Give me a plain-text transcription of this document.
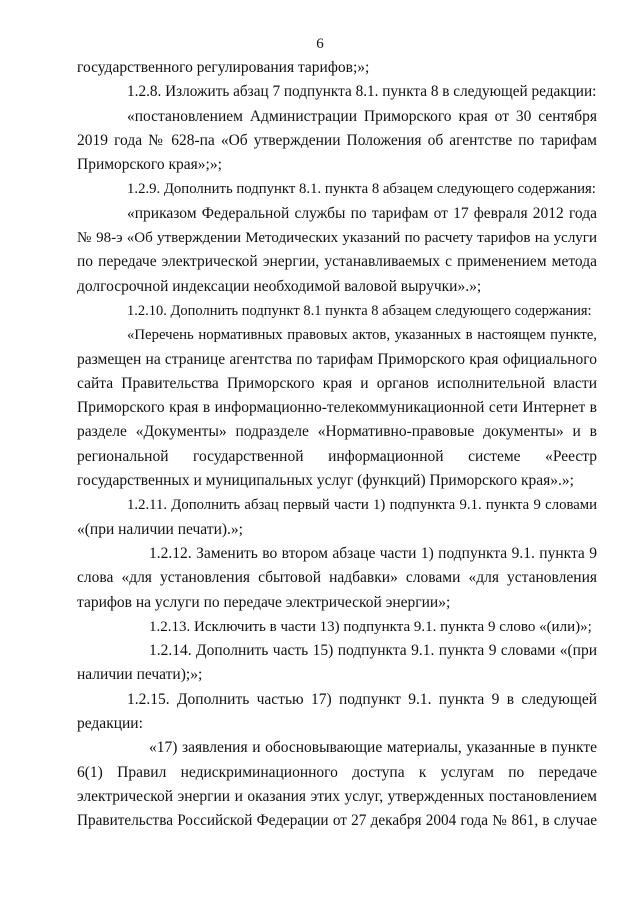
6
государственного регулирования тарифов;»;
1.2.8. Изложить абзац 7 подпункта 8.1. пункта 8 в следующей редакции:
«постановлением Администрации Приморского края от 30 сентября
2019 года № 628-па «Об утверждении Положения об агентстве по тарифам
Приморского края»;»;
1.2.9. Дополнить подпункт 8.1. пункта 8 абзацем следующего содержания:
«приказом Федеральной службы по тарифам от 17 февраля 2012 года
№ 98-э «Об утверждении Методических указаний по расчету тарифов на услуги
по передаче электрической энергии, устанавливаемых с применением метода
долгосрочной индексации необходимой валовой выручки».»;
1.2.10. Дополнить подпункт 8.1 пункта 8 абзацем следующего содержания:
«Перечень нормативных правовых актов, указанных в настоящем пункте,
размещен на странице агентства по тарифам Приморского края официального
сайта Правительства Приморского края и органов исполнительной власти
Приморского края в информационно-телекоммуникационной сети Интернет в
разделе «Документы» подразделе «Нормативно-правовые документы» и в
региональной государственной информационной системе «Реестр
государственных и муниципальных услуг (функций) Приморского края».»;
1.2.11. Дополнить абзац первый части 1) подпункта 9.1. пункта 9 словами
«(при наличии печати).»;
1.2.12. Заменить во втором абзаце части 1) подпункта 9.1. пункта 9
слова «для установления сбытовой надбавки» словами «для установления
тарифов на услуги по передаче электрической энергии»;
1.2.13. Исключить в части 13) подпункта 9.1. пункта 9 слово «(или)»;
1.2.14. Дополнить часть 15) подпункта 9.1. пункта 9 словами «(при
наличии печати);»;
1.2.15. Дополнить частью 17) подпункт 9.1. пункта 9 в следующей
редакции:
«17) заявления и обосновывающие материалы, указанные в пункте
6(1) Правил недискриминационного доступа к услугам по передаче
электрической энергии и оказания этих услуг, утвержденных постановлением
Правительства Российской Федерации от 27 декабря 2004 года № 861, в случае
